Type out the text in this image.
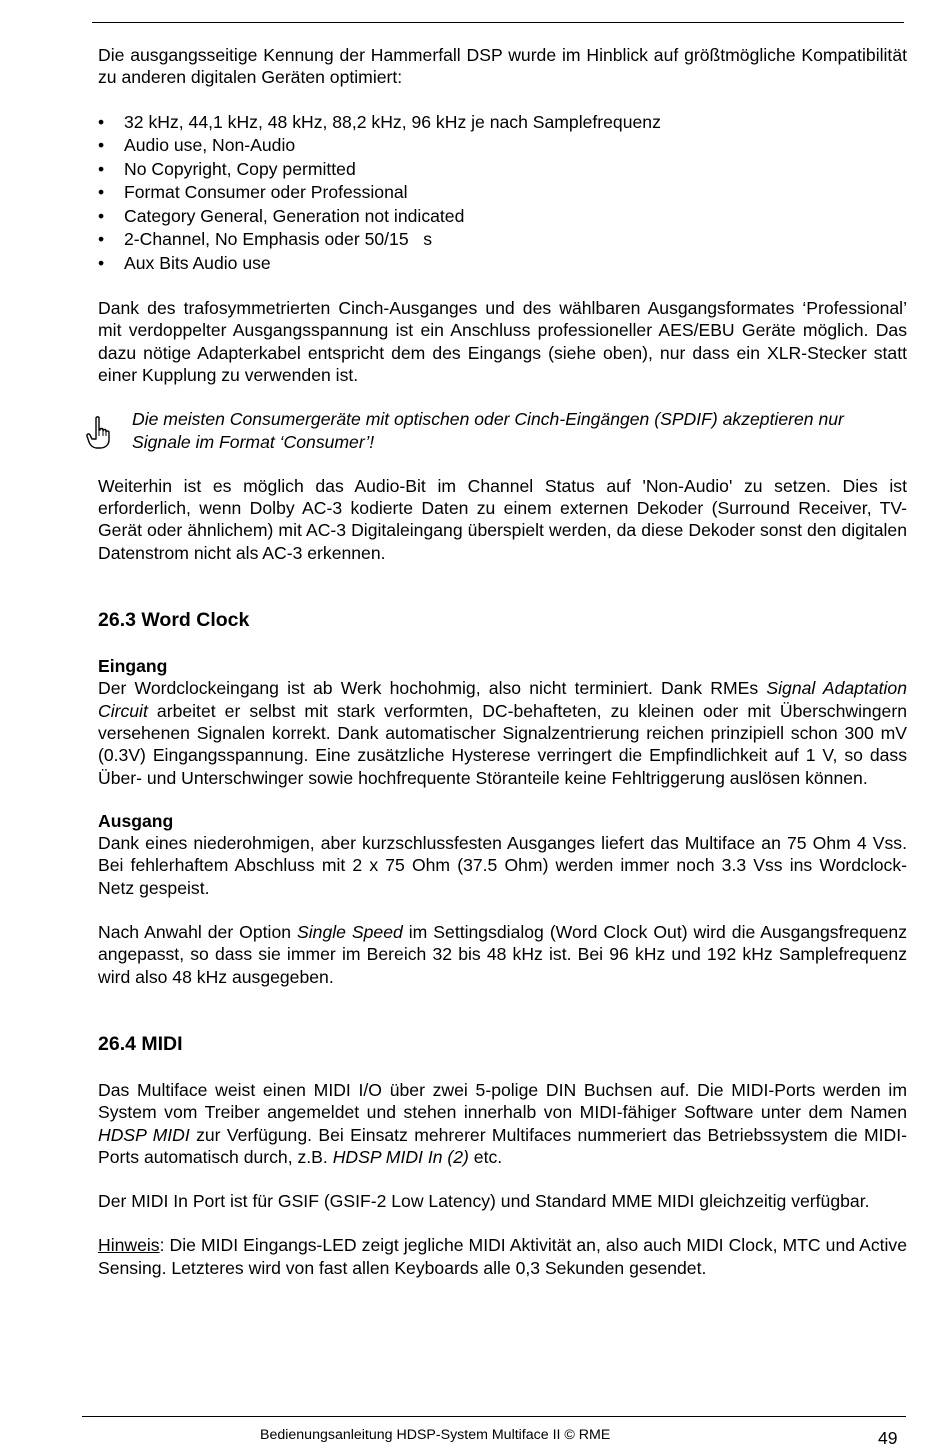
Die ausgangsseitige Kennung der Hammerfall DSP wurde im Hinblick auf größtmögliche Kompatibilität zu anderen digitalen Geräten optimiert:

• 32 kHz, 44,1 kHz, 48 kHz, 88,2 kHz, 96 kHz je nach Samplefrequenz
• Audio use, Non-Audio
• No Copyright, Copy permitted
• Format Consumer oder Professional
• Category General, Generation not indicated
• 2-Channel, No Emphasis oder 50/15   s
• Aux Bits Audio use

Dank des trafosymmetrierten Cinch-Ausganges und des wählbaren Ausgangsformates ‘Professional’ mit verdoppelter Ausgangsspannung ist ein Anschluss professioneller AES/EBU Geräte möglich. Das dazu nötige Adapterkabel entspricht dem des Eingangs (siehe oben), nur dass ein XLR-Stecker statt einer Kupplung zu verwenden ist.

Die meisten Consumergeräte mit optischen oder Cinch-Eingängen (SPDIF) akzeptieren nur Signale im Format ‘Consumer’!

Weiterhin ist es möglich das Audio-Bit im Channel Status auf 'Non-Audio' zu setzen. Dies ist erforderlich, wenn Dolby AC-3 kodierte Daten zu einem externen Dekoder (Surround Receiver, TV-Gerät oder ähnlichem) mit AC-3 Digitaleingang überspielt werden, da diese Dekoder sonst den digitalen Datenstrom nicht als AC-3 erkennen.

26.3 Word Clock
Eingang

Der Wordclockeingang ist ab Werk hochohmig, also nicht terminiert. Dank RMEs Signal Adaptation Circuit arbeitet er selbst mit stark verformten, DC-behafteten, zu kleinen oder mit Überschwingern versehenen Signalen korrekt. Dank automatischer Signalzentrierung reichen prinzipiell schon 300 mV (0.3V) Eingangsspannung. Eine zusätzliche Hysterese verringert die Empfindlichkeit auf 1 V, so dass Über- und Unterschwinger sowie hochfrequente Störanteile keine Fehltriggerung auslösen können.

Ausgang

Dank eines niederohmigen, aber kurzschlussfesten Ausganges liefert das Multiface an 75 Ohm 4 Vss. Bei fehlerhaftem Abschluss mit 2 x 75 Ohm (37.5 Ohm) werden immer noch 3.3 Vss ins Wordclock-Netz gespeist.

Nach Anwahl der Option Single Speed im Settingsdialog (Word Clock Out) wird die Ausgangsfrequenz angepasst, so dass sie immer im Bereich 32 bis 48 kHz ist. Bei 96 kHz und 192 kHz Samplefrequenz wird also 48 kHz ausgegeben.

26.4 MIDI

Das Multiface weist einen MIDI I/O über zwei 5-polige DIN Buchsen auf. Die MIDI-Ports werden im System vom Treiber angemeldet und stehen innerhalb von MIDI-fähiger Software unter dem Namen HDSP MIDI zur Verfügung. Bei Einsatz mehrerer Multifaces nummeriert das Betriebssystem die MIDI-Ports automatisch durch, z.B. HDSP MIDI In (2) etc.

Der MIDI In Port ist für GSIF (GSIF-2 Low Latency) und Standard MME MIDI gleichzeitig verfügbar.

Hinweis: Die MIDI Eingangs-LED zeigt jegliche MIDI Aktivität an, also auch MIDI Clock, MTC und Active Sensing. Letzteres wird von fast allen Keyboards alle 0,3 Sekunden gesendet.

Bedienungsanleitung HDSP-System Multiface II © RME	49
